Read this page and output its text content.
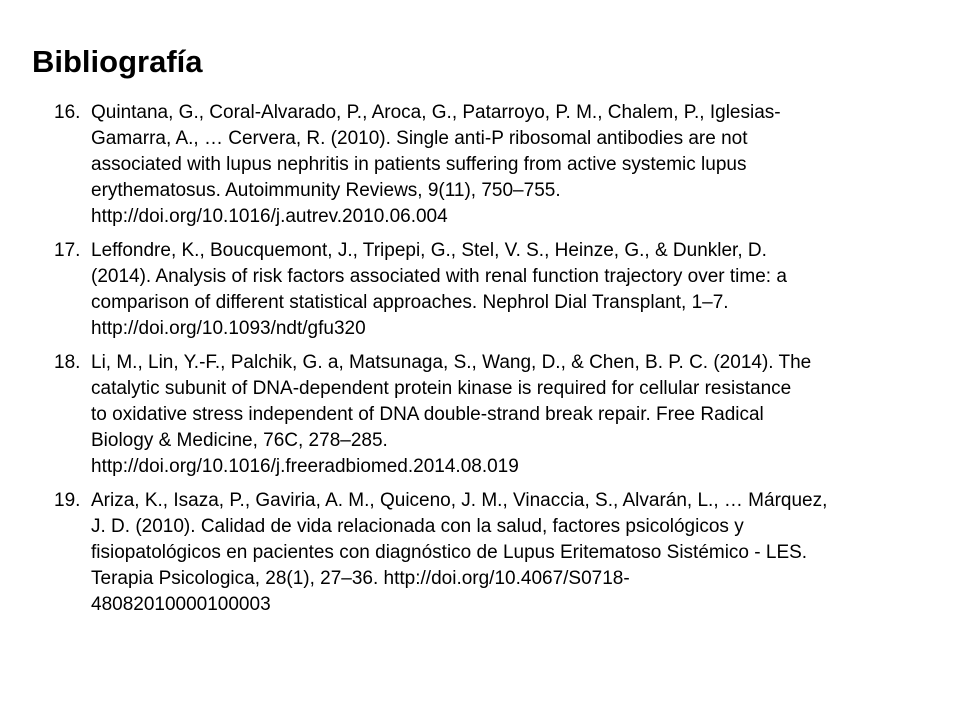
Bibliografía
16. Quintana, G., Coral-Alvarado, P., Aroca, G., Patarroyo, P. M., Chalem, P., Iglesias-
Gamarra, A., … Cervera, R. (2010). Single anti-P ribosomal antibodies are not
associated with lupus nephritis in patients suffering from active systemic lupus
erythematosus. Autoimmunity Reviews, 9(11), 750–755.
http://doi.org/10.1016/j.autrev.2010.06.004
17. Leffondre, K., Boucquemont, J., Tripepi, G., Stel, V. S., Heinze, G., & Dunkler, D.
(2014). Analysis of risk factors associated with renal function trajectory over time: a
comparison of different statistical approaches. Nephrol Dial Transplant, 1–7.
http://doi.org/10.1093/ndt/gfu320
18. Li, M., Lin, Y.-F., Palchik, G. a, Matsunaga, S., Wang, D., & Chen, B. P. C. (2014). The
catalytic subunit of DNA-dependent protein kinase is required for cellular resistance
to oxidative stress independent of DNA double-strand break repair. Free Radical
Biology & Medicine, 76C, 278–285.
http://doi.org/10.1016/j.freeradbiomed.2014.08.019
19. Ariza, K., Isaza, P., Gaviria, A. M., Quiceno, J. M., Vinaccia, S., Alvarán, L., … Márquez,
J. D. (2010). Calidad de vida relacionada con la salud, factores psicológicos y
fisiopatológicos en pacientes con diagnóstico de Lupus Eritematoso Sistémico - LES.
Terapia Psicologica, 28(1), 27–36. http://doi.org/10.4067/S0718-
48082010000100003
